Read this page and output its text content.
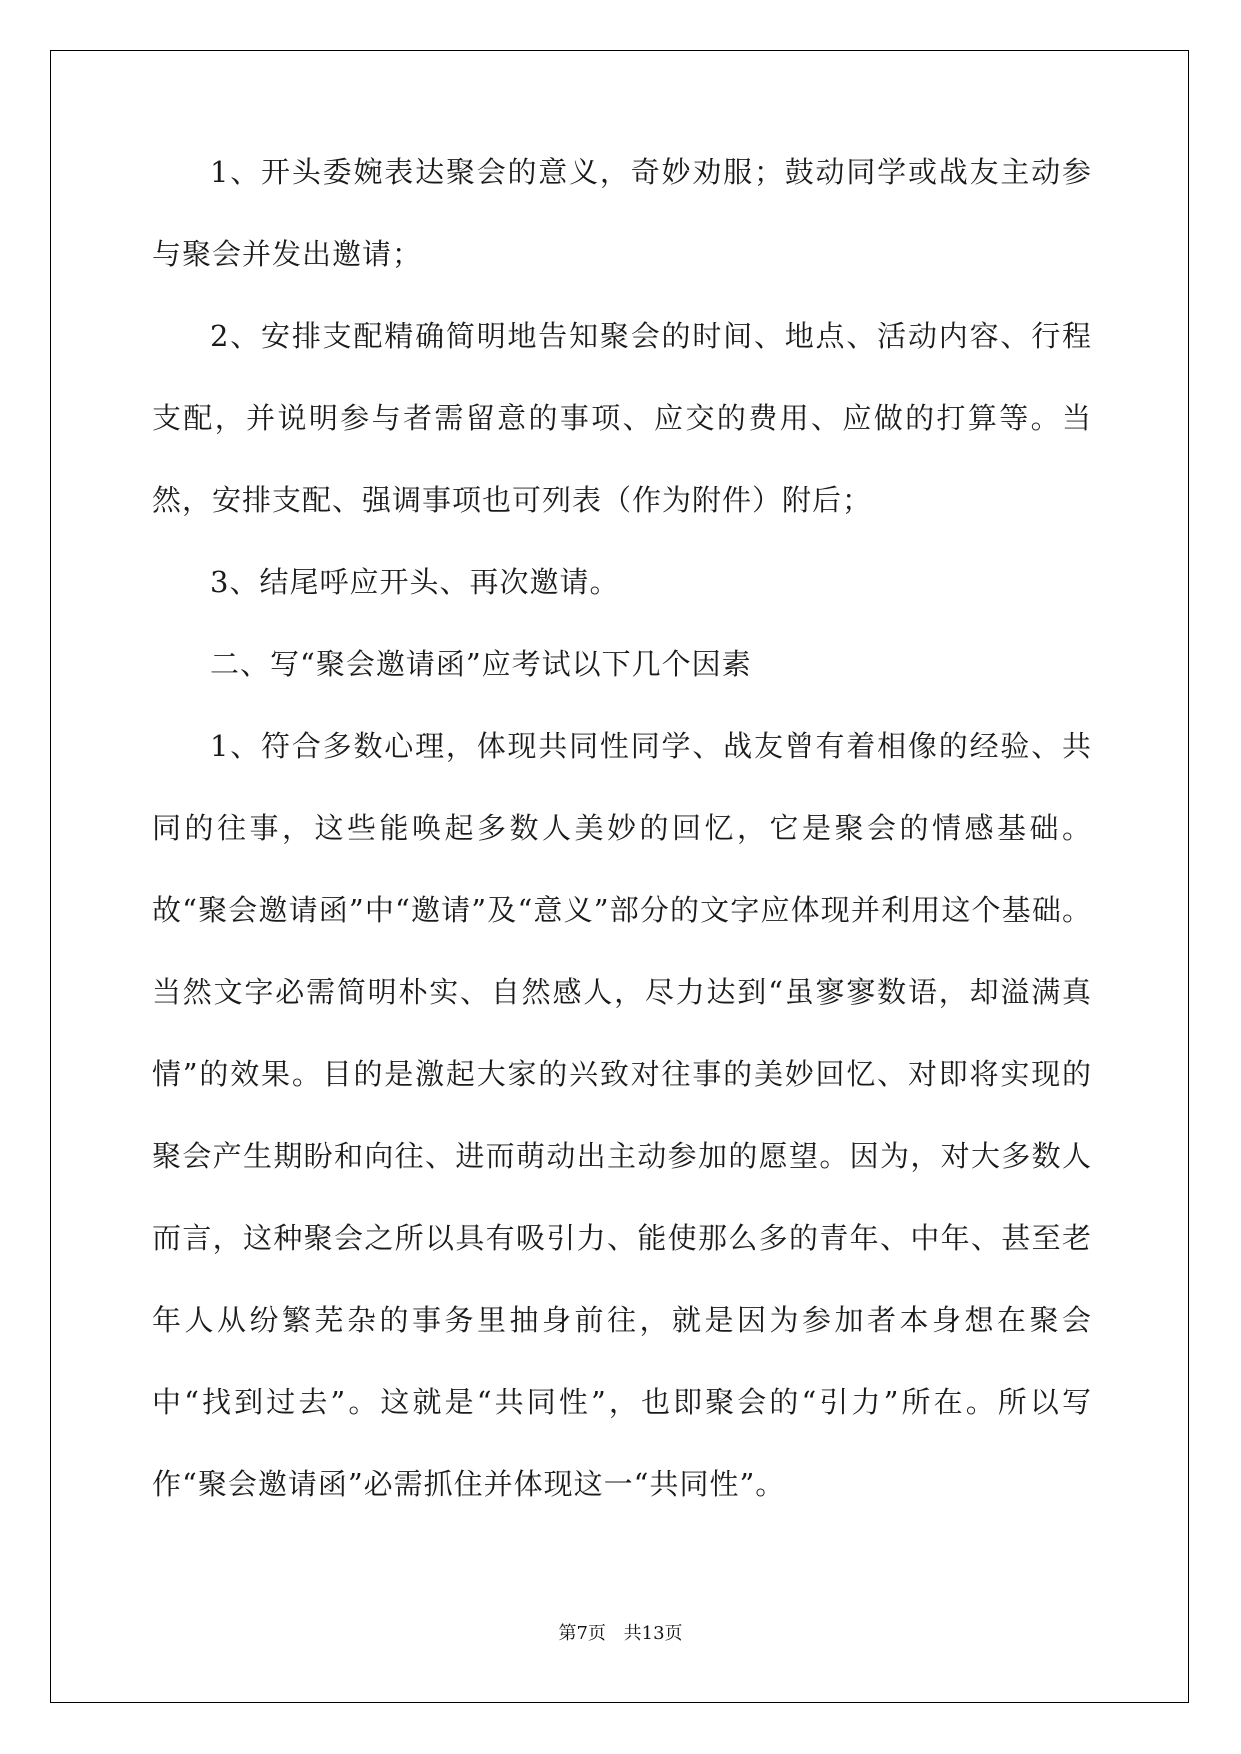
1、开头委婉表达聚会的意义，奇妙劝服；鼓动同学或战友主动参与聚会并发出邀请；

2、安排支配精确简明地告知聚会的时间、地点、活动内容、行程支配，并说明参与者需留意的事项、应交的费用、应做的打算等。当然，安排支配、强调事项也可列表（作为附件）附后；

3、结尾呼应开头、再次邀请。

二、写“聚会邀请函”应考试以下几个因素

1、符合多数心理，体现共同性同学、战友曾有着相像的经验、共同的往事，这些能唤起多数人美妙的回忆，它是聚会的情感基础。故“聚会邀请函”中“邀请”及“意义”部分的文字应体现并利用这个基础。当然文字必需简明朴实、自然感人，尽力达到“虽寥寥数语，却溢满真情”的效果。目的是激起大家的兴致对往事的美妙回忆、对即将实现的聚会产生期盼和向往、进而萌动出主动参加的愿望。因为，对大多数人而言，这种聚会之所以具有吸引力、能使那么多的青年、中年、甚至老年人从纷繁芜杂的事务里抽身前往，就是因为参加者本身想在聚会中“找到过去”。这就是“共同性”，也即聚会的“引力”所在。所以写作“聚会邀请函”必需抓住并体现这一“共同性”。

第7页 共13页
